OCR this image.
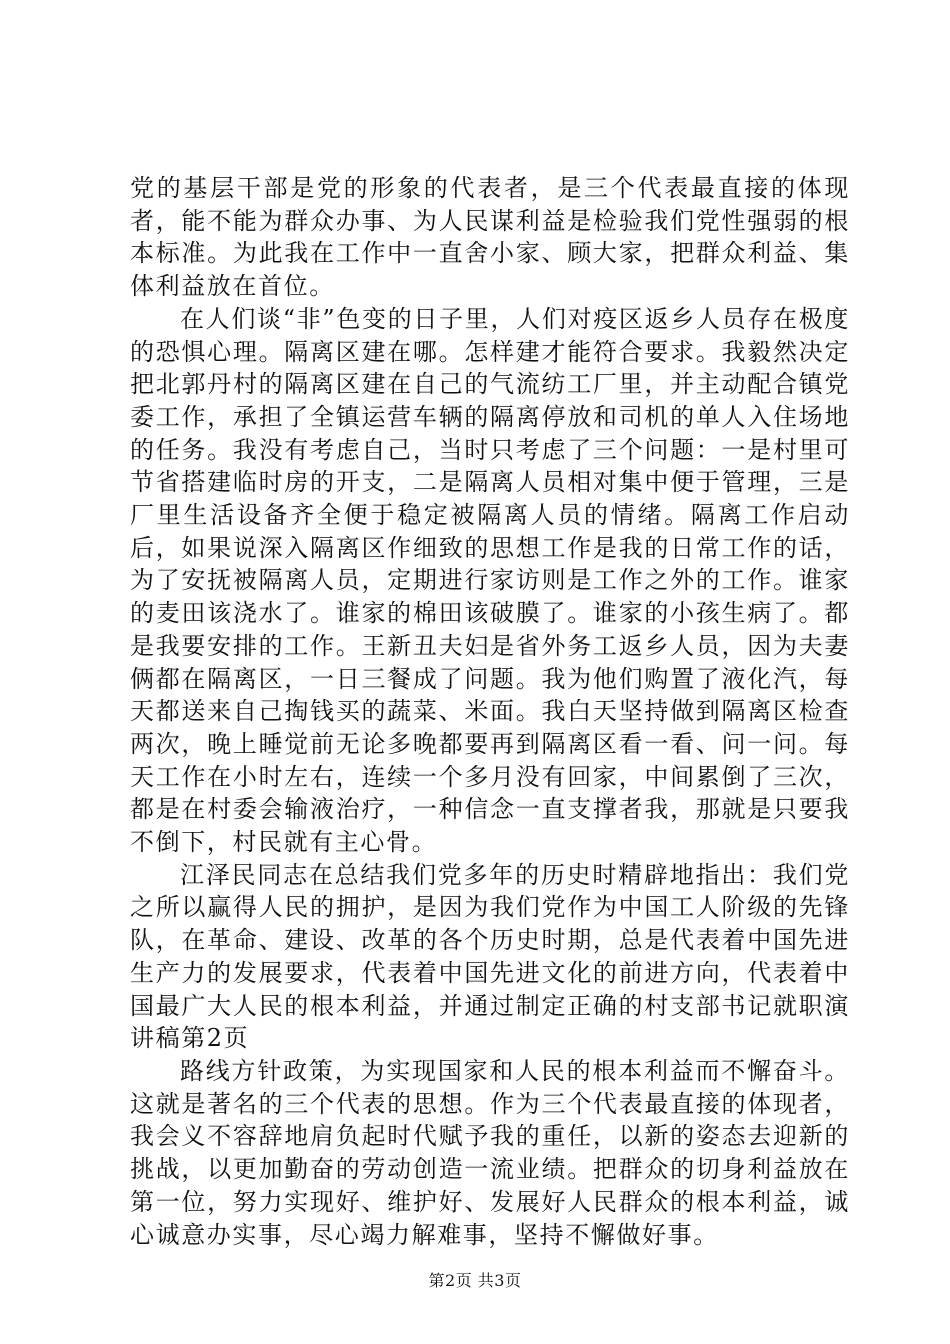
党的基层干部是党的形象的代表者，是三个代表最直接的体现者，能不能为群众办事、为人民谋利益是检验我们党性强弱的根本标准。为此我在工作中一直舍小家、顾大家，把群众利益、集体利益放在首位。

在人们谈“非”色变的日子里，人们对疫区返乡人员存在极度的恐惧心理。隔离区建在哪。怎样建才能符合要求。我毅然决定把北郭丹村的隔离区建在自己的气流纺工厂里，并主动配合镇党委工作，承担了全镇运营车辆的隔离停放和司机的单人入住场地的任务。我没有考虑自己，当时只考虑了三个问题：一是村里可节省搭建临时房的开支，二是隔离人员相对集中便于管理，三是厂里生活设备齐全便于稳定被隔离人员的情绪。隔离工作启动后，如果说深入隔离区作细致的思想工作是我的日常工作的话，为了安抚被隔离人员，定期进行家访则是工作之外的工作。谁家的麦田该浇水了。谁家的棉田该破膜了。谁家的小孩生病了。都是我要安排的工作。王新丑夫妇是省外务工返乡人员，因为夫妻俩都在隔离区，一日三餐成了问题。我为他们购置了液化汽，每天都送来自己掏钱买的蔬菜、米面。我白天坚持做到隔离区检查两次，晚上睡觉前无论多晚都要再到隔离区看一看、问一问。每天工作在小时左右，连续一个多月没有回家，中间累倒了三次，都是在村委会输液治疗，一种信念一直支撑者我，那就是只要我不倒下，村民就有主心骨。

江泽民同志在总结我们党多年的历史时精辟地指出：我们党之所以赢得人民的拥护，是因为我们党作为中国工人阶级的先锋队，在革命、建设、改革的各个历史时期，总是代表着中国先进生产力的发展要求，代表着中国先进文化的前进方向，代表着中国最广大人民的根本利益，并通过制定正确的村支部书记就职演讲稿第2页

路线方针政策，为实现国家和人民的根本利益而不懈奋斗。这就是著名的三个代表的思想。作为三个代表最直接的体现者，我会义不容辞地肩负起时代赋予我的重任，以新的姿态去迎新的挑战，以更加勤奋的劳动创造一流业绩。把群众的切身利益放在第一位，努力实现好、维护好、发展好人民群众的根本利益，诚心诚意办实事，尽心竭力解难事，坚持不懈做好事。

第2页 共3页
